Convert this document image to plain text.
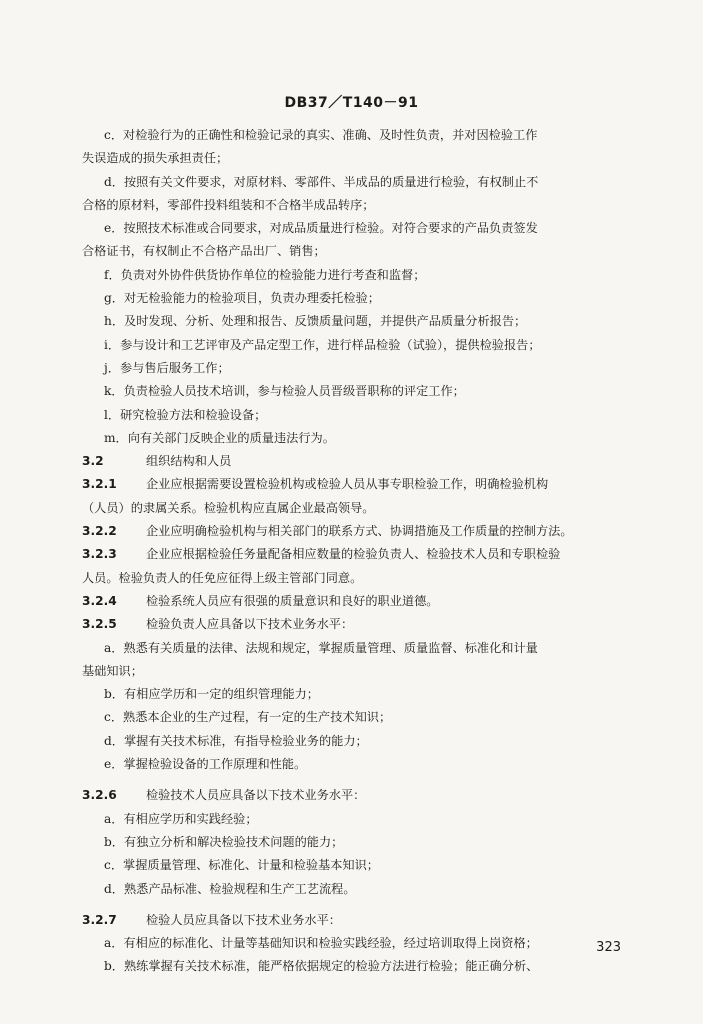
DB37／T140－91
c．对检验行为的正确性和检验记录的真实、准确、及时性负责，并对因检验工作
失误造成的损失承担责任；
d．按照有关文件要求，对原材料、零部件、半成品的质量进行检验，有权制止不
合格的原材料，零部件投料组装和不合格半成品转序；
e．按照技术标准或合同要求，对成品质量进行检验。对符合要求的产品负责签发
合格证书，有权制止不合格产品出厂、销售；
f．负责对外协件供货协作单位的检验能力进行考查和监督；
g．对无检验能力的检验项目，负责办理委托检验；
h．及时发现、分析、处理和报告、反馈质量问题，并提供产品质量分析报告；
i．参与设计和工艺评审及产品定型工作，进行样品检验（试验），提供检验报告；
j．参与售后服务工作；
k．负责检验人员技术培训，参与检验人员晋级晋职称的评定工作；
l．研究检验方法和检验设备；
m．向有关部门反映企业的质量违法行为。
3.2	组织结构和人员
3.2.1 企业应根据需要设置检验机构或检验人员从事专职检验工作，明确检验机构
（人员）的隶属关系。检验机构应直属企业最高领导。
3.2.2 企业应明确检验机构与相关部门的联系方式、协调措施及工作质量的控制方法。
3.2.3 企业应根据检验任务量配备相应数量的检验负责人、检验技术人员和专职检验
人员。检验负责人的任免应征得上级主管部门同意。
3.2.4 检验系统人员应有很强的质量意识和良好的职业道德。
3.2.5 检验负责人应具备以下技术业务水平：
a．熟悉有关质量的法律、法规和规定，掌握质量管理、质量监督、标准化和计量
基础知识；
b．有相应学历和一定的组织管理能力；
c．熟悉本企业的生产过程，有一定的生产技术知识；
d．掌握有关技术标准，有指导检验业务的能力；
e．掌握检验设备的工作原理和性能。
3.2.6 检验技术人员应具备以下技术业务水平：
a．有相应学历和实践经验；
b．有独立分析和解决检验技术问题的能力；
c．掌握质量管理、标准化、计量和检验基本知识；
d．熟悉产品标准、检验规程和生产工艺流程。
3.2.7 检验人员应具备以下技术业务水平：
a．有相应的标准化、计量等基础知识和检验实践经验，经过培训取得上岗资格；
b．熟练掌握有关技术标准，能严格依据规定的检验方法进行检验；能正确分析、
323
